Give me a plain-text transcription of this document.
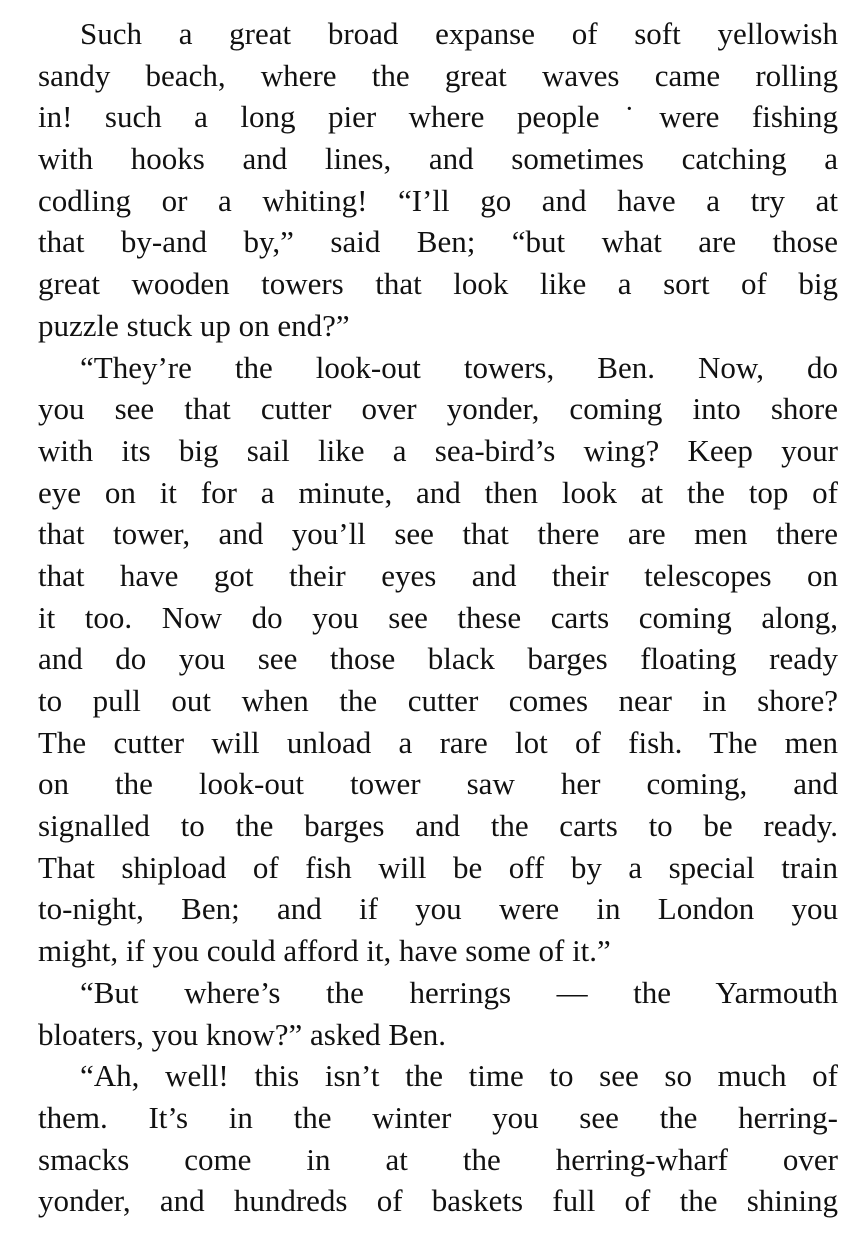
Such a great broad expanse of soft yellowish
sandy beach, where the great waves came rolling
in! such a long pier where people˙were fishing
with hooks and lines, and sometimes catching a
codling or a whiting! “I’ll go and have a try at
that by-and by,” said Ben; “but what are those
great wooden towers that look like a sort of big
puzzle stuck up on end?”
“They’re the look-out towers, Ben. Now, do
you see that cutter over yonder, coming into shore
with its big sail like a sea-bird’s wing? Keep your
eye on it for a minute, and then look at the top of
that tower, and you’ll see that there are men there
that have got their eyes and their telescopes on
it too. Now do you see these carts coming along,
and do you see those black barges floating ready
to pull out when the cutter comes near in shore?
The cutter will unload a rare lot of fish. The men
on the look-out tower saw her coming, and
signalled to the barges and the carts to be ready.
That shipload of fish will be off by a special train
to-night, Ben; and if you were in London you
might, if you could afford it, have some of it.”
“But where’s the herrings — the Yarmouth
bloaters, you know?” asked Ben.
“Ah, well! this isn’t the time to see so much of
them. It’s in the winter you see the herring-
smacks come in at the herring-wharf over
yonder, and hundreds of baskets full of the shining
